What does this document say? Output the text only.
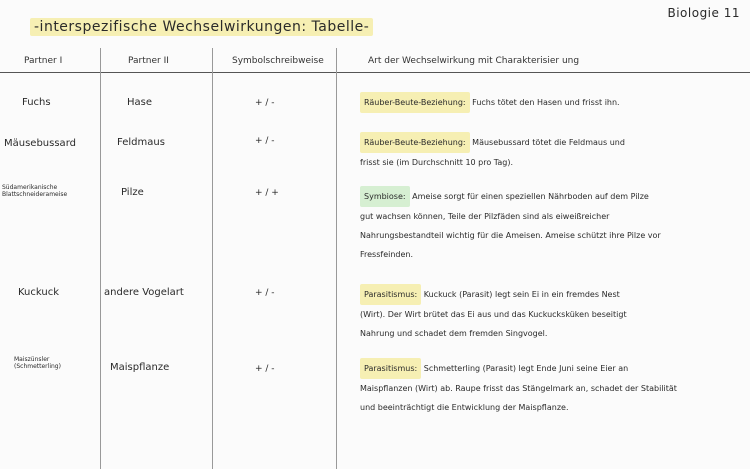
-interspezifische Wechselwirkungen: Tabelle-
Biologie 11
Partner I	Partner II	Symbolschreibweise	Art der Wechselwirkung mit Charakterisier ung
Fuchs	Hase	+ / -	Räuber-Beute-Beziehung: Fuchs tötet den Hasen und frisst ihn.
Mäusebussard	Feldmaus	+ / -	Räuber-Beute-Beziehung: Mäusebussard tötet die Feldmaus und
frisst sie (im Durchschnitt 10 pro Tag).
Südamerikanische
Blattschneiderameise	Pilze	+ / +	Symbiose: Ameise sorgt für einen speziellen Nährboden auf dem Pilze
gut wachsen können, Teile der Pilzfäden sind als eiweißreicher
Nahrungsbestandteil wichtig für die Ameisen. Ameise schützt ihre Pilze vor
Fressfeinden.
Kuckuck	andere Vogelart	+ / -	Parasitismus: Kuckuck (Parasit) legt sein Ei in ein fremdes Nest
(Wirt). Der Wirt brütet das Ei aus und das Kuckucksküken beseitigt
Nahrung und schadet dem fremden Singvogel.
Maiszünsler
(Schmetterling)	Maispflanze	+ / -	Parasitismus: Schmetterling (Parasit) legt Ende Juni seine Eier an
Maispflanzen (Wirt) ab. Raupe frisst das Stängelmark an, schadet der Stabilität
und beeinträchtigt die Entwicklung der Maispflanze.
